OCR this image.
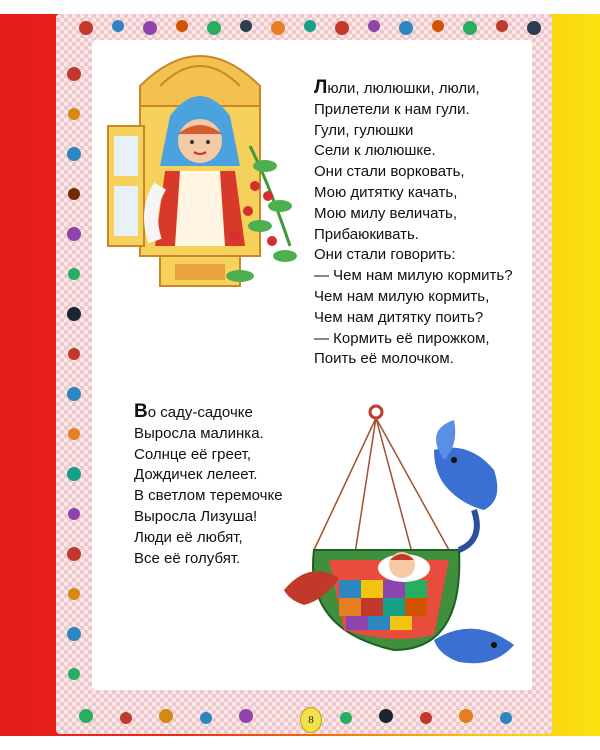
Люли, люлюшки, люли,

Прилетели к нам гули.

Гули, гулюшки

Сели к люлюшке.

Они стали ворковать,

Мою дитятку качать,

Мою милу величать,

Прибаюкивать.

Они стали говорить:

— Чем нам милую кормить?

Чем нам милую кормить,

Чем нам дитятку поить?

— Кормить её пирожком,

Поить её молочком.

Во саду-садочке

Выросла малинка.

Солнце её греет,

Дождичек лелеет.

В светлом теремочке

Выросла Лизуша!

Люди её любят,

Все её голубят.

8
